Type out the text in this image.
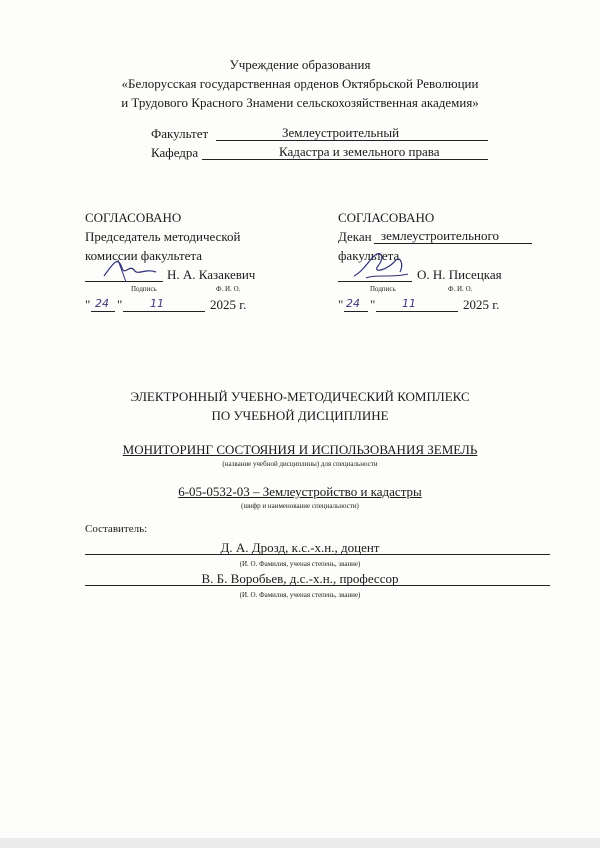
Учреждение образования
«Белорусская государственная орденов Октябрьской Революции
и Трудового Красного Знамени сельскохозяйственная академия»
Факультет	Землеустроительный
Кафедра	Кадастра и земельного права
СОГЛАСОВАНО
Председатель методической
комиссии факультета
Н. А. Казакевич
Подпись	Ф. И. О.
" 24 "	11	2025 г.
СОГЛАСОВАНО
Декан землеустроительного
факультета
О. Н. Писецкая
Подпись	Ф. И. О.
" 24 " 11	2025 г.
ЭЛЕКТРОННЫЙ УЧЕБНО-МЕТОДИЧЕСКИЙ КОМПЛЕКС
ПО УЧЕБНОЙ ДИСЦИПЛИНЕ
МОНИТОРИНГ СОСТОЯНИЯ И ИСПОЛЬЗОВАНИЯ ЗЕМЕЛЬ
(название учебной дисциплины) для специальности
6-05-0532-03 – Землеустройство и кадастры
(шифр и наименование специальности)
Составитель:
Д. А. Дрозд, к.с.-х.н., доцент
(И. О. Фамилия, ученая степень, звание)
В. Б. Воробьев, д.с.-х.н., профессор
(И. О. Фамилия, ученая степень, звание)
